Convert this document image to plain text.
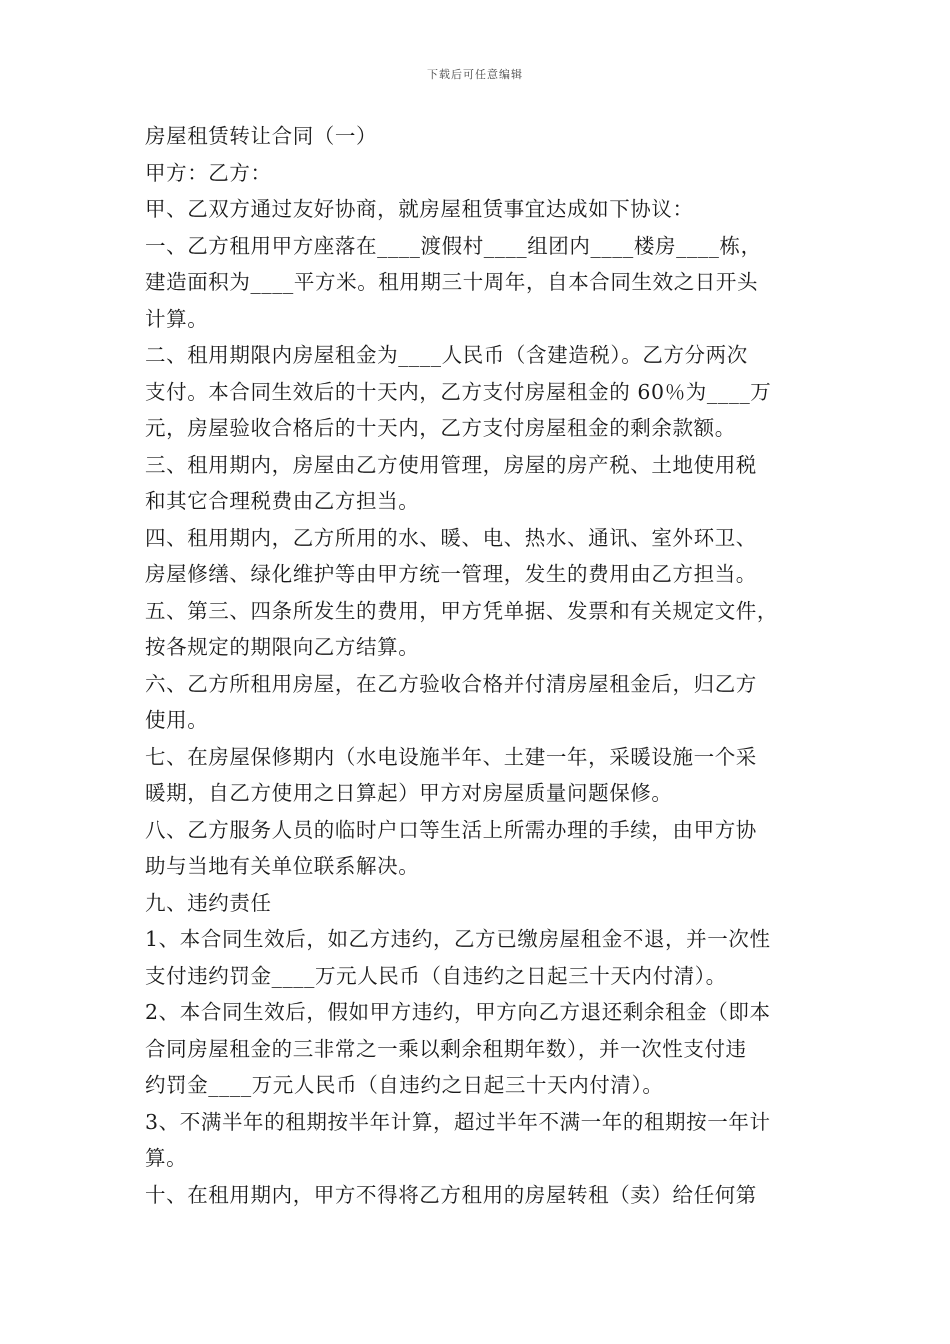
下载后可任意编辑
房屋租赁转让合同（一）
甲方：乙方：
甲、乙双方通过友好协商，就房屋租赁事宜达成如下协议：
一、乙方租用甲方座落在____渡假村____组团内____楼房____栋，
建造面积为____平方米。租用期三十周年，自本合同生效之日开头
计算。
二、租用期限内房屋租金为____人民币（含建造税）。乙方分两次
支付。本合同生效后的十天内，乙方支付房屋租金的 60％为____万
元，房屋验收合格后的十天内，乙方支付房屋租金的剩余款额。
三、租用期内，房屋由乙方使用管理，房屋的房产税、土地使用税
和其它合理税费由乙方担当。
四、租用期内，乙方所用的水、暖、电、热水、通讯、室外环卫、
房屋修缮、绿化维护等由甲方统一管理，发生的费用由乙方担当。
五、第三、四条所发生的费用，甲方凭单据、发票和有关规定文件，
按各规定的期限向乙方结算。
六、乙方所租用房屋，在乙方验收合格并付清房屋租金后，归乙方
使用。
七、在房屋保修期内（水电设施半年、土建一年，采暖设施一个采
暖期，自乙方使用之日算起）甲方对房屋质量问题保修。
八、乙方服务人员的临时户口等生活上所需办理的手续，由甲方协
助与当地有关单位联系解决。
九、违约责任
1、本合同生效后，如乙方违约，乙方已缴房屋租金不退，并一次性
支付违约罚金____万元人民币（自违约之日起三十天内付清）。
2、本合同生效后，假如甲方违约，甲方向乙方退还剩余租金（即本
合同房屋租金的三非常之一乘以剩余租期年数），并一次性支付违
约罚金____万元人民币（自违约之日起三十天内付清）。
3、不满半年的租期按半年计算，超过半年不满一年的租期按一年计
算。
十、在租用期内，甲方不得将乙方租用的房屋转租（卖）给任何第
